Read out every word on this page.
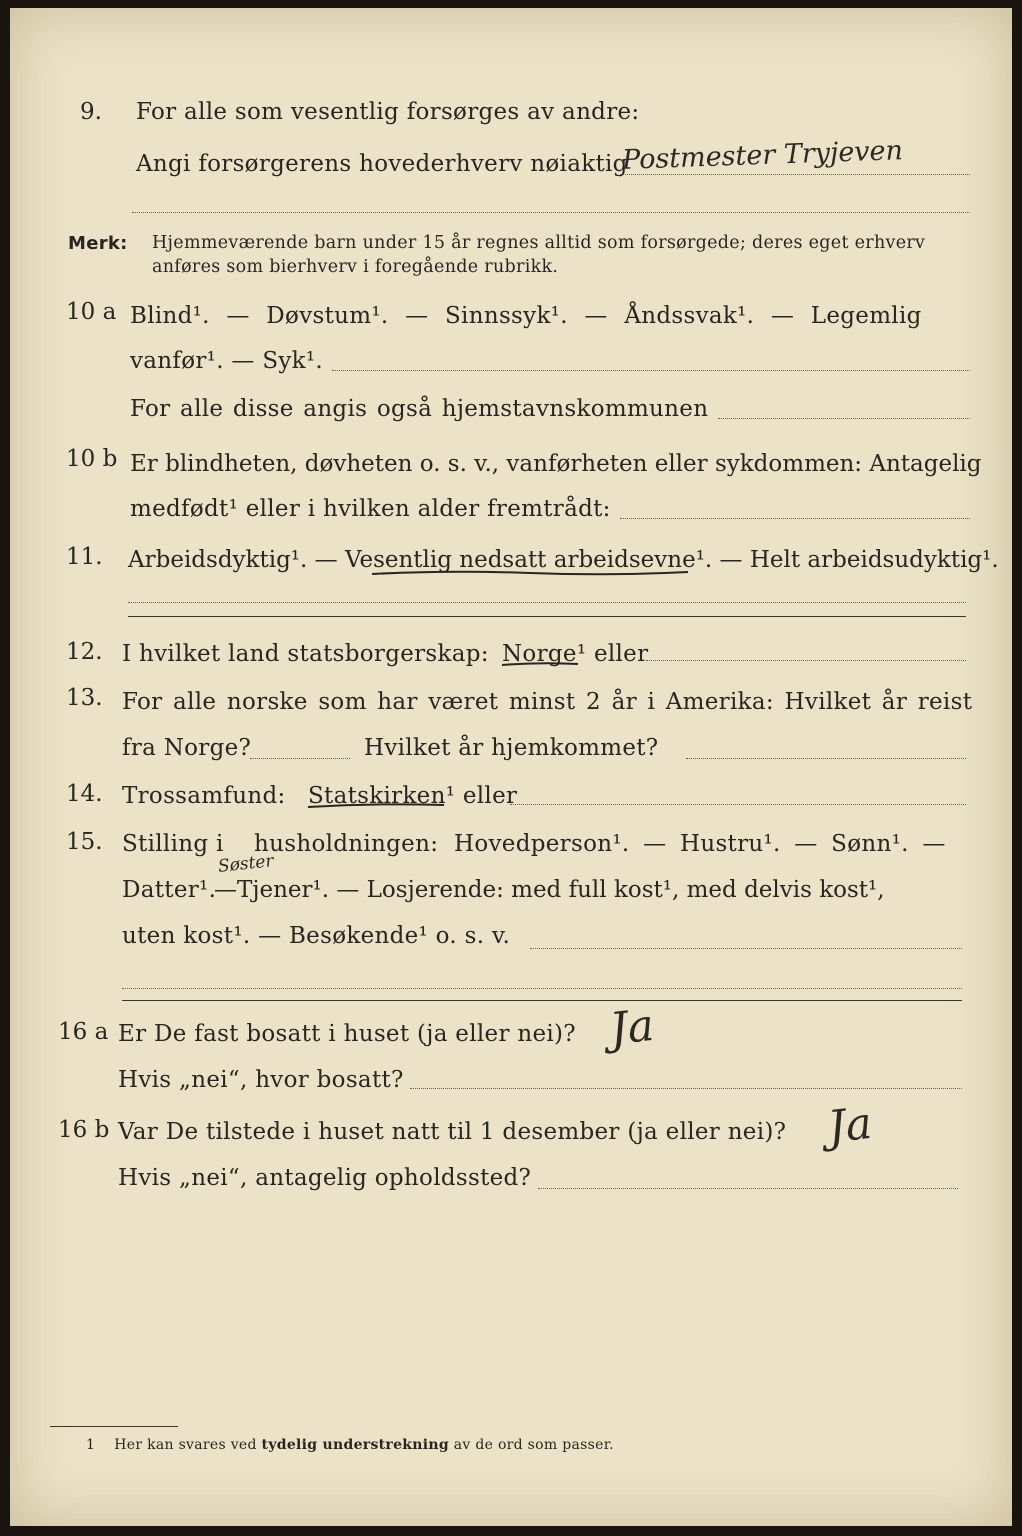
9. For alle som vesentlig forsørges av andre:
Angi forsørgerens hovederhverv nøiaktig
Postmester Tryjeven
Merk: Hjemmeværende barn under 15 år regnes alltid som forsørgede; deres eget erhverv
anføres som bierhverv i foregående rubrikk.
10 a Blind¹. — Døvstum¹. — Sinnssyk¹. — Åndssvak¹. — Legemlig
vanfør¹. — Syk¹.
For alle disse angis også hjemstavnskommunen
10 b Er blindheten, døvheten o. s. v., vanførheten eller sykdommen: Antagelig
medfødt¹ eller i hvilken alder fremtrådt:
11. Arbeidsdyktig¹. — Vesentlig nedsatt arbeidsevne¹. — Helt arbeidsudyktig¹.
12. I hvilket land statsborgerskap: Norge¹ eller
13. For alle norske som har været minst 2 år i Amerika: Hvilket år reist
fra Norge?	Hvilket år hjemkommet?
14. Trossamfund: Statskirken¹ eller
15. Stilling i husholdningen: Hovedperson¹. — Hustru¹. — Sønn¹. —
Datter¹.
Søster
—Tjener¹. — Losjerende: med full kost¹, med delvis kost¹,
uten kost¹. — Besøkende¹ o. s. v.
16 a Er De fast bosatt i huset (ja eller nei)? Ja
Hvis „nei“, hvor bosatt?
16 b Var De tilstede i huset natt til 1 desember (ja eller nei)? Ja
Hvis „nei“, antagelig opholdssted?
1 Her kan svares ved tydelig understrekning av de ord som passer.
